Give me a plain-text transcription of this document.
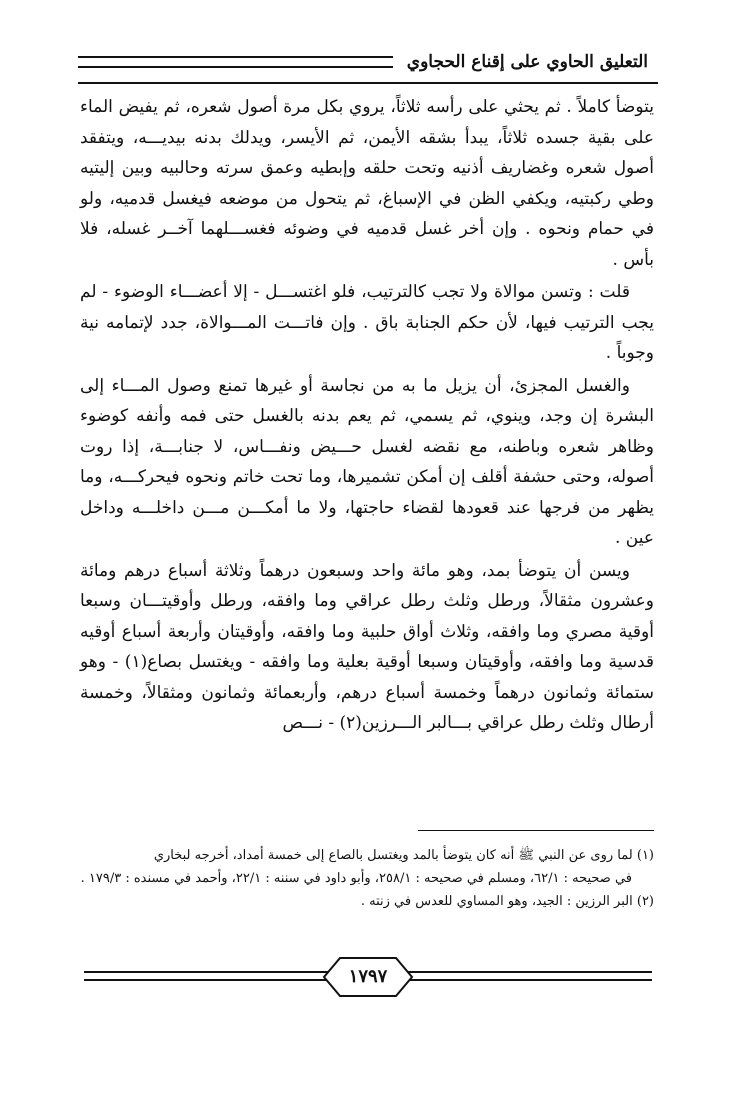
التعليق الحاوي على إقناع الحجاوي

يتوضأ كاملاً . ثم يحثي على رأسه ثلاثاً، يروي بكل مرة أصول شعره، ثم يفيض الماء على بقية جسده ثلاثاً، يبدأ بشقه الأيمن، ثم الأيسر، ويدلك بدنه بيديـــه، ويتفقد أصول شعره وغضاريف أذنيه وتحت حلقه وإبطيه وعمق سرته وحالبيه وبين إليتيه وطي ركبتيه، ويكفي الظن في الإسباغ، ثم يتحول من موضعه فيغسل قدميه، ولو في حمام ونحوه . وإن أخر غسل قدميه في وضوئه فغســـلهما آخــر غسله، فلا بأس .

قلت : وتسن موالاة ولا تجب كالترتيب، فلو اغتســـل - إلا أعضـــاء الوضوء - لم يجب الترتيب فيها، لأن حكم الجنابة باق . وإن فاتـــت المـــوالاة، جدد لإتمامه نية وجوباً .

والغسل المجزئ، أن يزيل ما به من نجاسة أو غيرها تمنع وصول المـــاء إلى البشرة إن وجد، وينوي، ثم يسمي، ثم يعم بدنه بالغسل حتى فمه وأنفه كوضوء وظاهر شعره وباطنه، مع نقضه لغسل حـــيض ونفـــاس، لا جنابـــة، إذا روت أصوله، وحتى حشفة أقلف إن أمكن تشميرها، وما تحت خاتم ونحوه فيحركـــه، وما يظهر من فرجها عند قعودها لقضاء حاجتها، ولا ما أمكـــن مـــن داخلـــه وداخل عين .

ويسن أن يتوضأ بمد، وهو مائة واحد وسبعون درهماً وثلاثة أسباع درهم ومائة وعشرون مثقالاً، ورطل وثلث رطل عراقي وما وافقه، ورطل وأوقيتـــان وسبعا أوقية مصري وما وافقه، وثلاث أواق حلبية وما وافقه، وأوقيتان وأربعة أسباع أوقيه قدسية وما وافقه، وأوقيتان وسبعا أوقية بعلية وما وافقه - ويغتسل بصاع(١) - وهو ستمائة وثمانون درهماً وخمسة أسباع درهم، وأربعمائة وثمانون ومثقالاً، وخمسة أرطال وثلث رطل عراقي بـــالبر الـــرزين(٢) - نـــص

(١) لما روى عن النبي ﷺ أنه كان يتوضأ بالمد ويغتسل بالصاع إلى خمسة أمداد، أخرجه لبخاري

في صحيحه : ٦٢/١، ومسلم في صحيحه : ٢٥٨/١، وأبو داود في سننه : ٢٢/١، وأحمد في مسنده : ١٧٩/٣ .

(٢) البر الرزين : الجيد، وهو المساوي للعدس في زنته .

١٧٩٧
